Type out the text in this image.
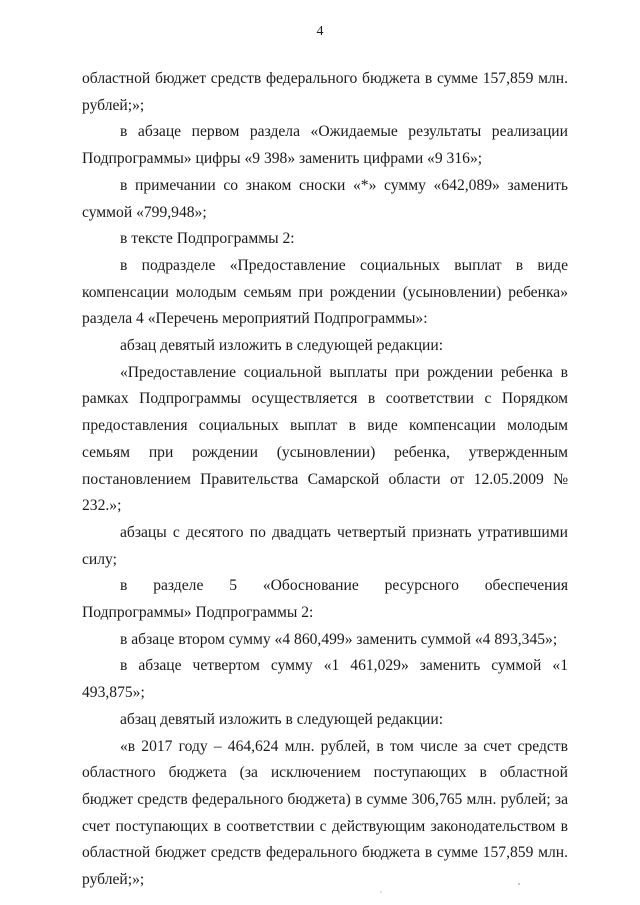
4

областной бюджет средств федерального бюджета в сумме 157,859 млн. рублей;»;

в абзаце первом раздела «Ожидаемые результаты реализации Подпрограммы» цифры «9 398» заменить цифрами «9 316»;

в примечании со знаком сноски «*» сумму «642,089» заменить суммой «799,948»;

в тексте Подпрограммы 2:

в подразделе «Предоставление социальных выплат в виде компенсации молодым семьям при рождении (усыновлении) ребенка» раздела 4 «Перечень мероприятий Подпрограммы»:

абзац девятый изложить в следующей редакции:

«Предоставление социальной выплаты при рождении ребенка в рамках Подпрограммы осуществляется в соответствии с Порядком предоставления социальных выплат в виде компенсации молодым семьям при рождении (усыновлении) ребенка, утвержденным постановлением Правительства Самарской области от 12.05.2009 № 232.»;

абзацы с десятого по двадцать четвертый признать утратившими силу;

в разделе 5 «Обоснование ресурсного обеспечения Подпрограммы» Подпрограммы 2:

в абзаце втором сумму «4 860,499» заменить суммой «4 893,345»;

в абзаце четвертом сумму «1 461,029» заменить суммой «1 493,875»;

абзац девятый изложить в следующей редакции:

«в 2017 году – 464,624 млн. рублей, в том числе за счет средств областного бюджета (за исключением поступающих в областной бюджет средств федерального бюджета) в сумме 306,765 млн. рублей; за счет поступающих в соответствии с действующим законодательством в областной бюджет средств федерального бюджета в сумме 157,859 млн. рублей;»;
